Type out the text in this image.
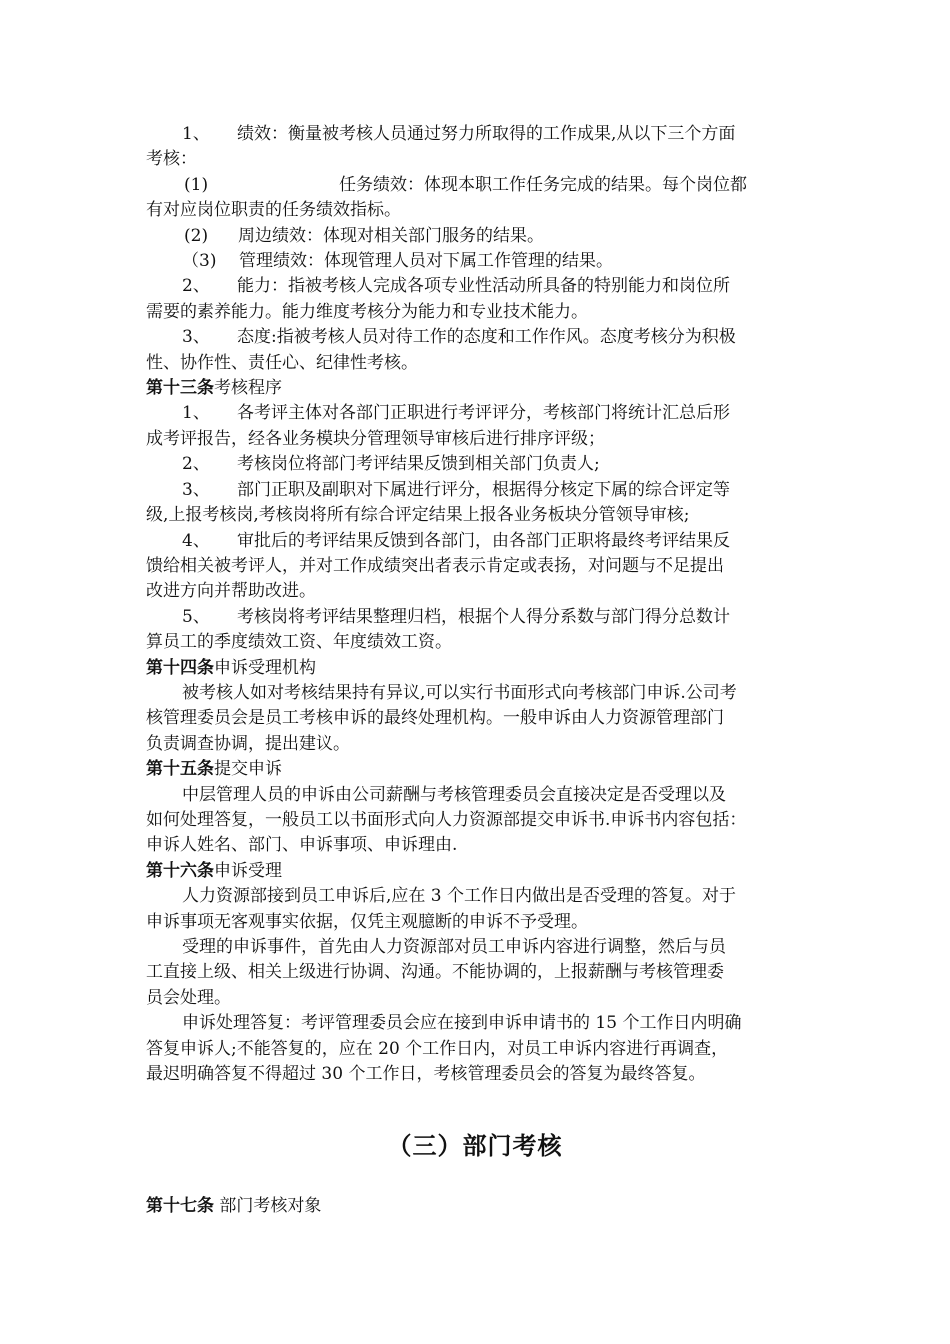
1、 绩效：衡量被考核人员通过努力所取得的工作成果,从以下三个方面
考核：
(1)	任务绩效：体现本职工作任务完成的结果。每个岗位都
有对应岗位职责的任务绩效指标。
(2) 周边绩效：体现对相关部门服务的结果。
（3) 管理绩效：体现管理人员对下属工作管理的结果。
2、 能力：指被考核人完成各项专业性活动所具备的特别能力和岗位所
需要的素养能力。能力维度考核分为能力和专业技术能力。
3、 态度:指被考核人员对待工作的态度和工作作风。态度考核分为积极
性、协作性、责任心、纪律性考核。
第十三条考核程序
1、 各考评主体对各部门正职进行考评评分，考核部门将统计汇总后形
成考评报告，经各业务模块分管理领导审核后进行排序评级；
2、 考核岗位将部门考评结果反馈到相关部门负责人;
3、 部门正职及副职对下属进行评分，根据得分核定下属的综合评定等
级,上报考核岗,考核岗将所有综合评定结果上报各业务板块分管领导审核;
4、 审批后的考评结果反馈到各部门，由各部门正职将最终考评结果反
馈给相关被考评人，并对工作成绩突出者表示肯定或表扬，对问题与不足提出
改进方向并帮助改进。
5、 考核岗将考评结果整理归档，根据个人得分系数与部门得分总数计
算员工的季度绩效工资、年度绩效工资。
第十四条申诉受理机构
被考核人如对考核结果持有异议,可以实行书面形式向考核部门申诉.公司考
核管理委员会是员工考核申诉的最终处理机构。一般申诉由人力资源管理部门
负责调查协调，提出建议。
第十五条提交申诉
中层管理人员的申诉由公司薪酬与考核管理委员会直接决定是否受理以及
如何处理答复，一般员工以书面形式向人力资源部提交申诉书.申诉书内容包括：
申诉人姓名、部门、申诉事项、申诉理由.
第十六条申诉受理
人力资源部接到员工申诉后,应在 3 个工作日内做出是否受理的答复。对于
申诉事项无客观事实依据，仅凭主观臆断的申诉不予受理。
受理的申诉事件，首先由人力资源部对员工申诉内容进行调整，然后与员
工直接上级、相关上级进行协调、沟通。不能协调的，上报薪酬与考核管理委
员会处理。
申诉处理答复：考评管理委员会应在接到申诉申请书的 15 个工作日内明确
答复申诉人;不能答复的，应在 20 个工作日内，对员工申诉内容进行再调查，
最迟明确答复不得超过 30 个工作日，考核管理委员会的答复为最终答复。
（三）部门考核
第十七条 部门考核对象
